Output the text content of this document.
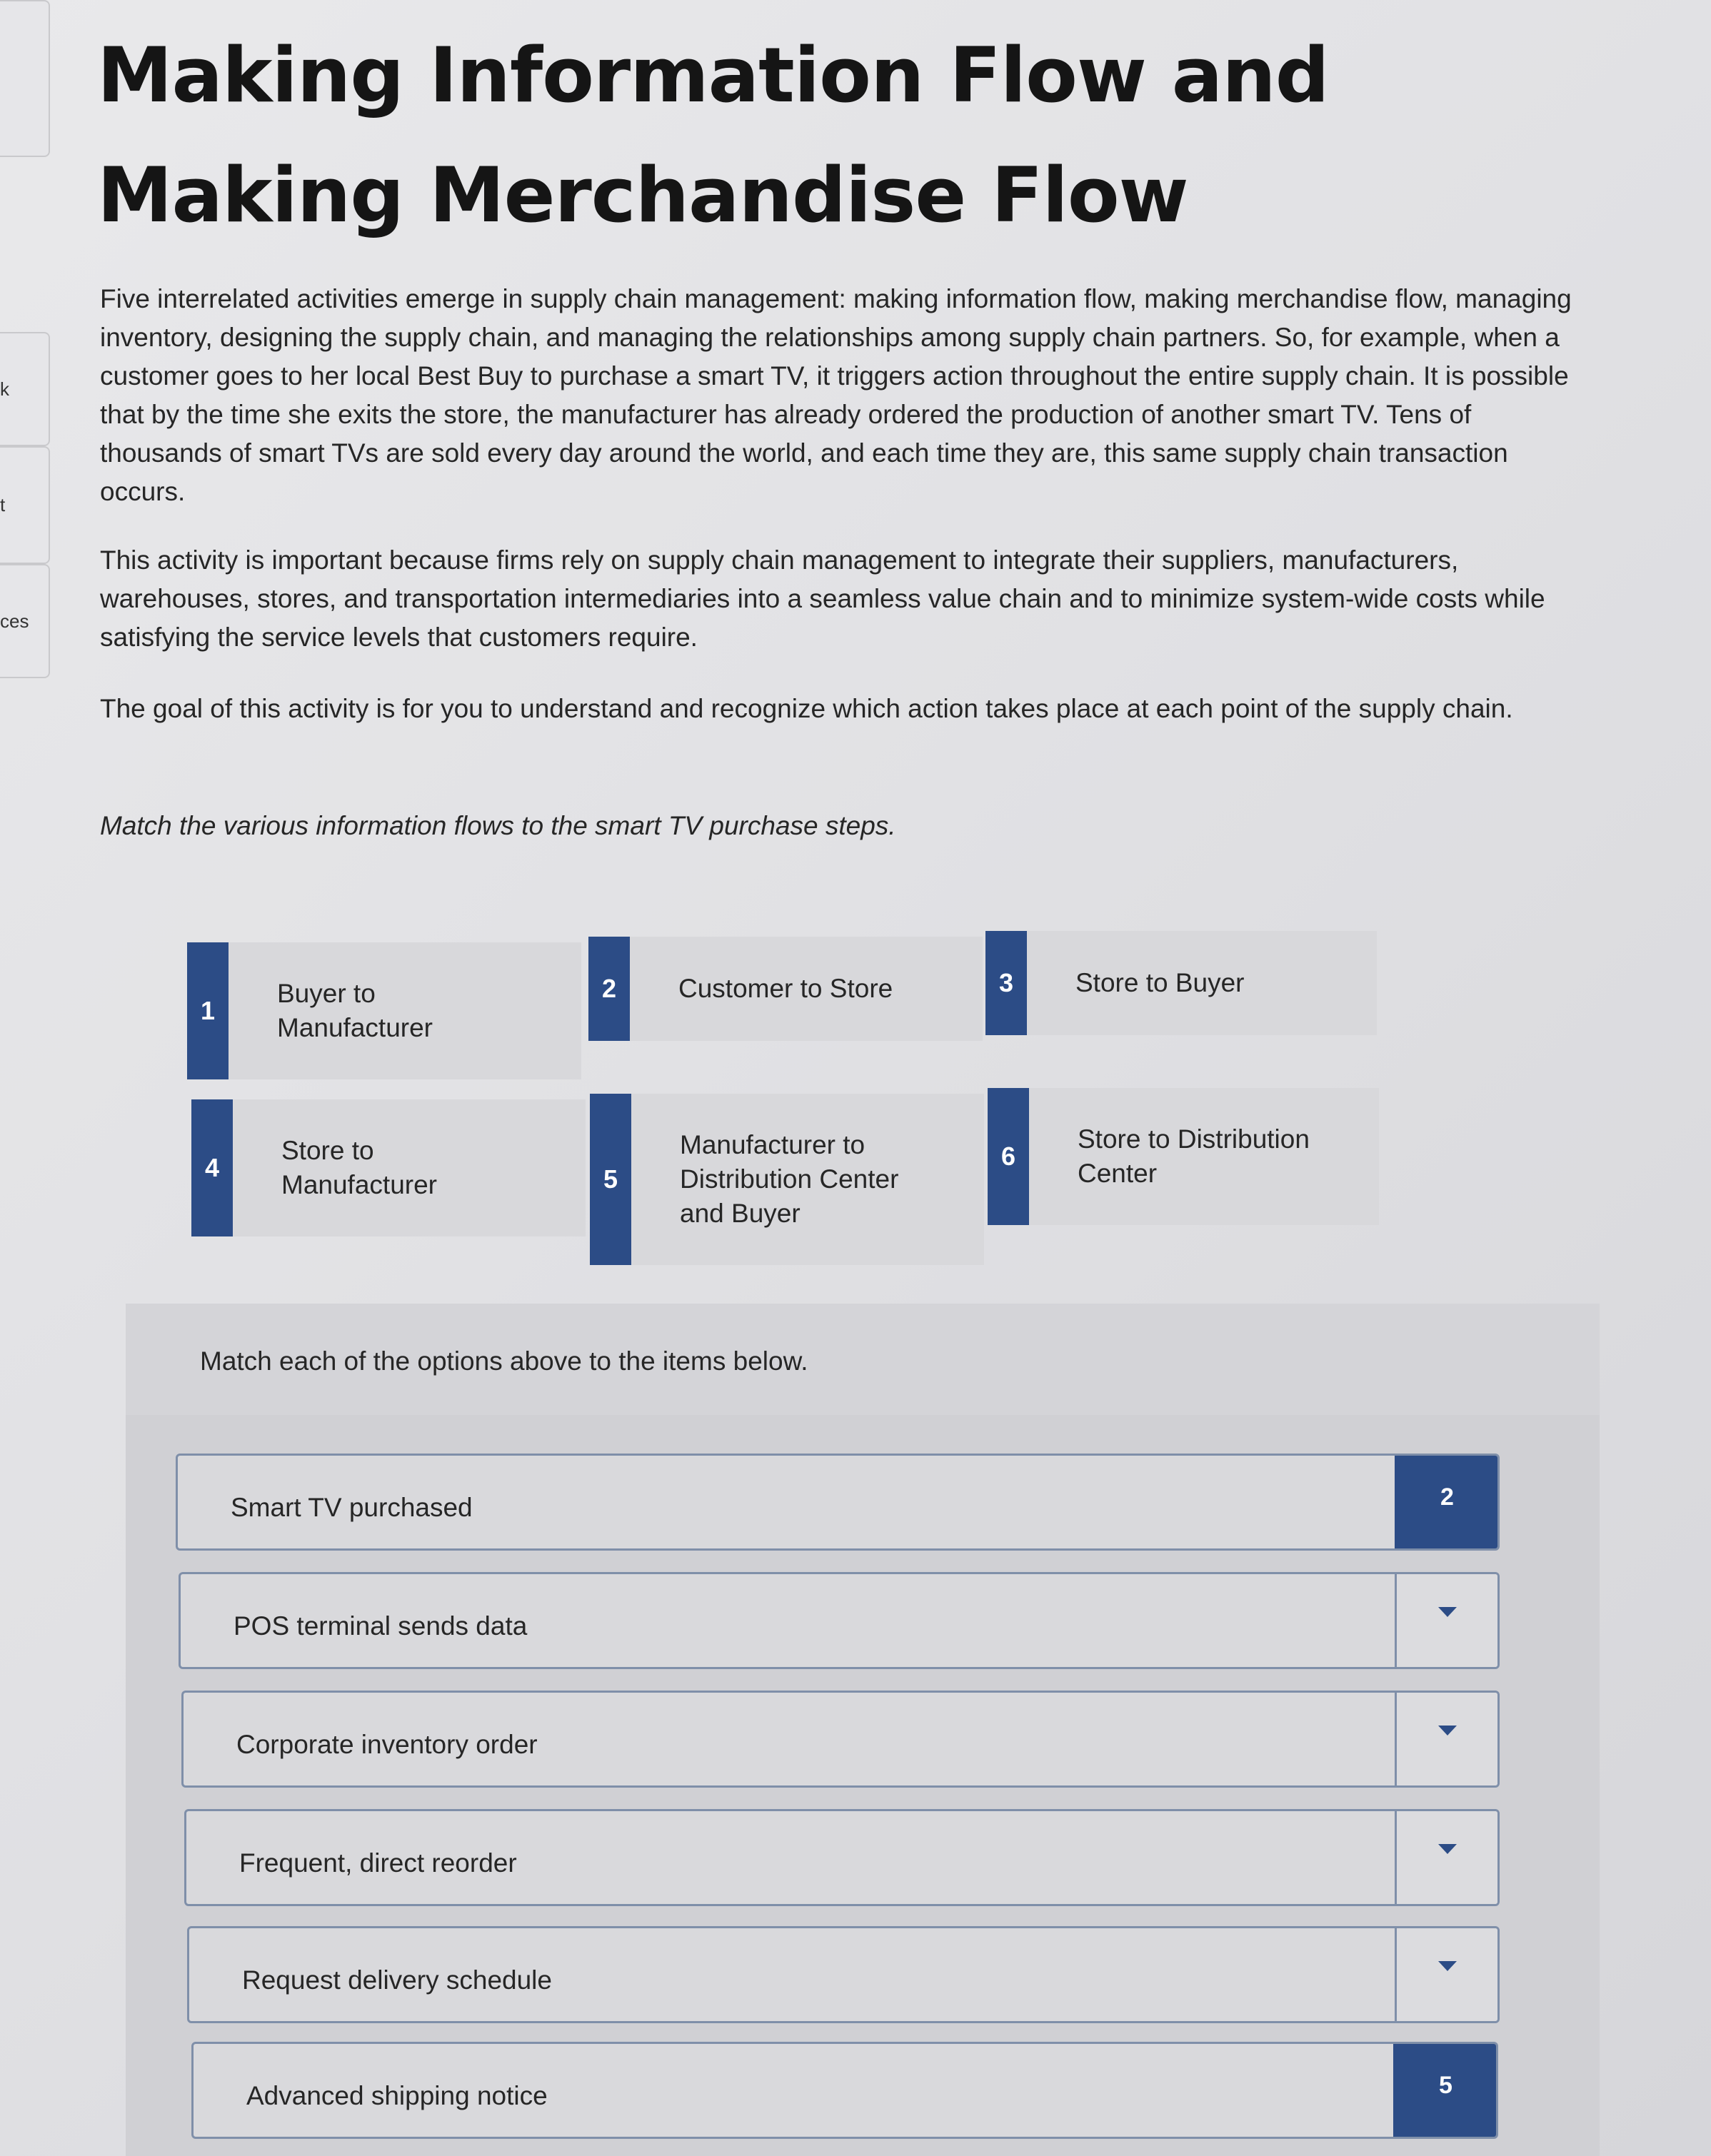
k
t
ces
Making Information Flow and Making Merchandise Flow

Five interrelated activities emerge in supply chain management: making information flow, making merchandise flow, managing inventory, designing the supply chain, and managing the relationships among supply chain partners. So, for example, when a customer goes to her local Best Buy to purchase a smart TV, it triggers action throughout the entire supply chain. It is possible that by the time she exits the store, the manufacturer has already ordered the production of another smart TV. Tens of thousands of smart TVs are sold every day around the world, and each time they are, this same supply chain transaction occurs.

This activity is important because firms rely on supply chain management to integrate their suppliers, manufacturers, warehouses, stores, and transportation intermediaries into a seamless value chain and to minimize system-wide costs while satisfying the service levels that customers require.

The goal of this activity is for you to understand and recognize which action takes place at each point of the supply chain.

Match the various information flows to the smart TV purchase steps.

1
Buyer to
Manufacturer
2	Customer to Store	3	Store to Buyer
4
Store to
Manufacturer	5
Manufacturer to
Distribution Center
and Buyer
6
Store to Distribution
Center
Match each of the options above to the items below.
Smart TV purchased	2
POS terminal sends data
Corporate inventory order
Frequent, direct reorder
Request delivery schedule
Advanced shipping notice	5
